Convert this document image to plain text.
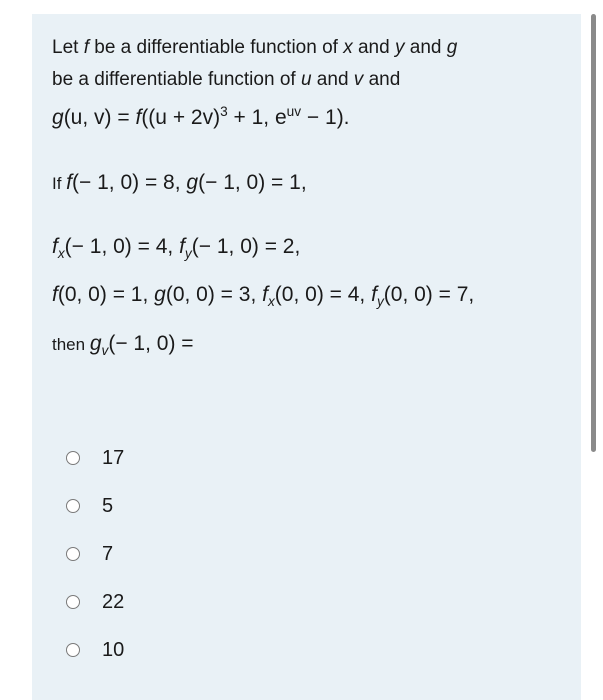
Let f be a differentiable function of x and y and g
be a differentiable function of u and v and
g(u, $v) = f((u + 2v)^3 + 1$, $e^{uv} - 1$).
If f(− 1, 0) = 8, g(− 1, 0) = 1,
$f_x(- 1$, 0) = 4, $f_y(- 1$, 0) = 2,
f(0, 0) = 1, g(0, 0) = 3, $f_x(0$, 0) = 4, $f_y(0$, 0) = 7,
then $g_v(- 1$, 0) =
17
5
7
22
10
